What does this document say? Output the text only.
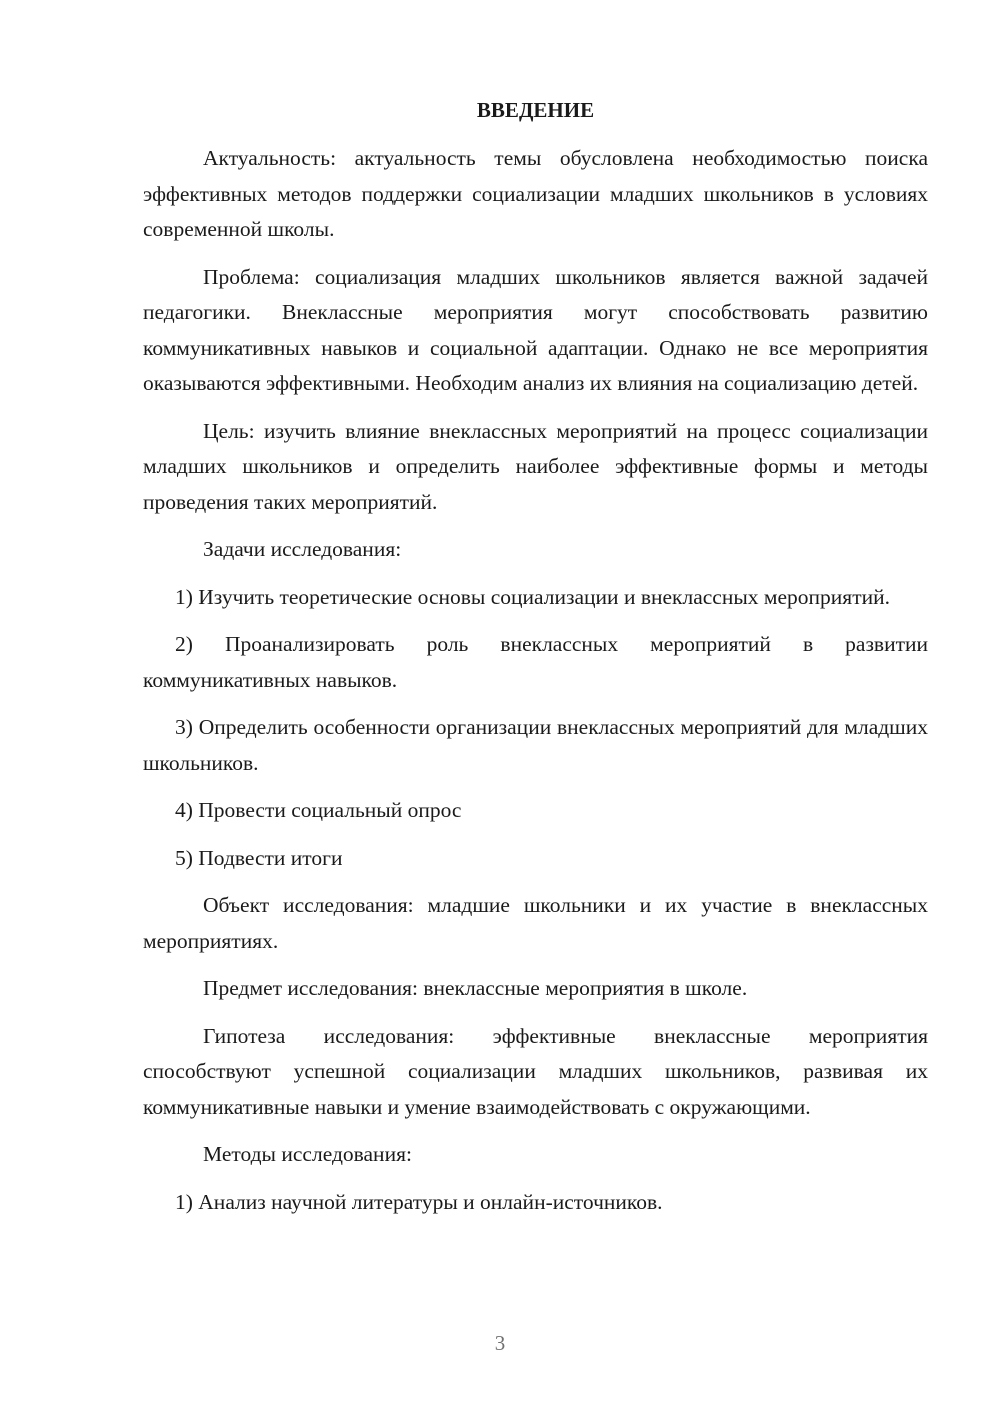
ВВЕДЕНИЕ

Актуальность: актуальность темы обусловлена необходимостью поиска эффективных методов поддержки социализации младших школьников в условиях современной школы.

Проблема: социализация младших школьников является важной задачей педагогики. Внеклассные мероприятия могут способствовать развитию коммуникативных навыков и социальной адаптации. Однако не все мероприятия оказываются эффективными. Необходим анализ их влияния на социализацию детей.

Цель: изучить влияние внеклассных мероприятий на процесс социализации младших школьников и определить наиболее эффективные формы и методы проведения таких мероприятий.

Задачи исследования:

1) Изучить теоретические основы социализации и внеклассных мероприятий.

2) Проанализировать роль внеклассных мероприятий в развитии коммуникативных навыков.

3) Определить особенности организации внеклассных мероприятий для младших школьников.

4) Провести социальный опрос

5) Подвести итоги

Объект исследования: младшие школьники и их участие в внеклассных мероприятиях.

Предмет исследования: внеклассные мероприятия в школе.

Гипотеза исследования: эффективные внеклассные мероприятия способствуют успешной социализации младших школьников, развивая их коммуникативные навыки и умение взаимодействовать с окружающими.

Методы исследования:

1) Анализ научной литературы и онлайн-источников.

3
